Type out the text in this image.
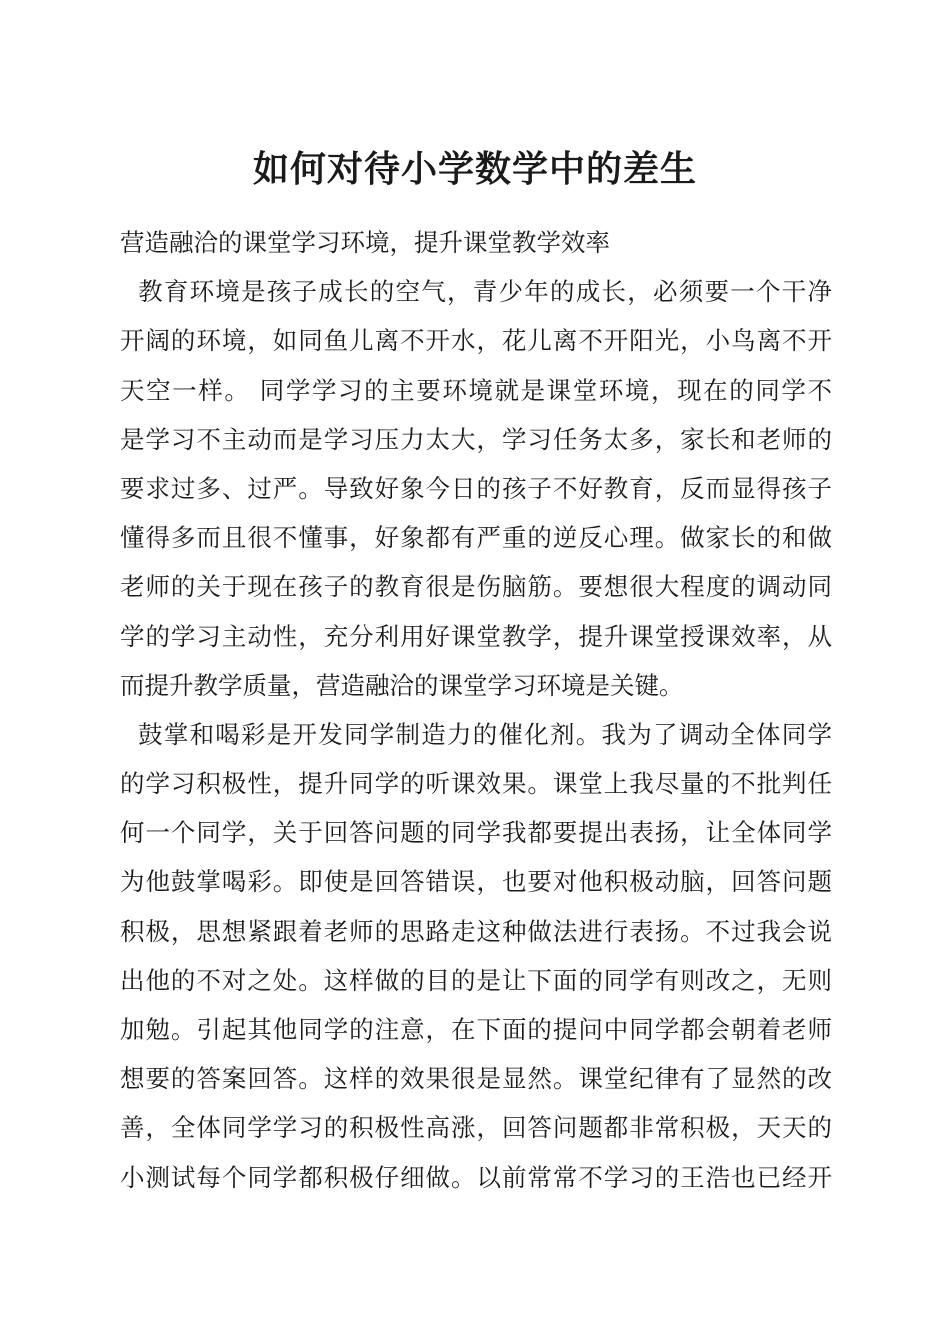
如何对待小学数学中的差生
营造融洽的课堂学习环境，提升课堂教学效率
教育环境是孩子成长的空气，青少年的成长，必须要一个干净
开阔的环境，如同鱼儿离不开水，花儿离不开阳光，小鸟离不开
天空一样。 同学学习的主要环境就是课堂环境，现在的同学不
是学习不主动而是学习压力太大，学习任务太多，家长和老师的
要求过多、过严。导致好象今日的孩子不好教育，反而显得孩子
懂得多而且很不懂事，好象都有严重的逆反心理。做家长的和做
老师的关于现在孩子的教育很是伤脑筋。要想很大程度的调动同
学的学习主动性，充分利用好课堂教学，提升课堂授课效率，从
而提升教学质量，营造融洽的课堂学习环境是关键。
鼓掌和喝彩是开发同学制造力的催化剂。我为了调动全体同学
的学习积极性，提升同学的听课效果。课堂上我尽量的不批判任
何一个同学，关于回答问题的同学我都要提出表扬，让全体同学
为他鼓掌喝彩。即使是回答错误，也要对他积极动脑，回答问题
积极，思想紧跟着老师的思路走这种做法进行表扬。不过我会说
出他的不对之处。这样做的目的是让下面的同学有则改之，无则
加勉。引起其他同学的注意，在下面的提问中同学都会朝着老师
想要的答案回答。这样的效果很是显然。课堂纪律有了显然的改
善，全体同学学习的积极性高涨，回答问题都非常积极，天天的
小测试每个同学都积极仔细做。以前常常不学习的王浩也已经开
